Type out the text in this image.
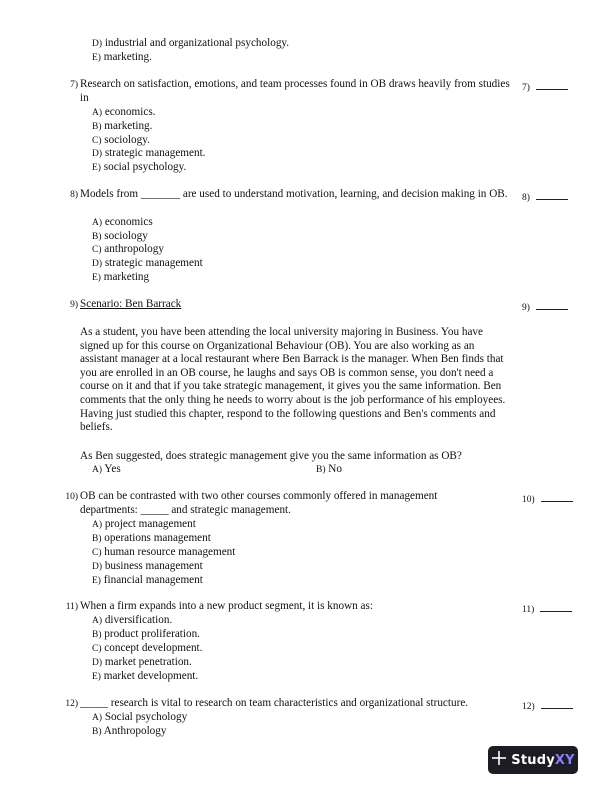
D) industrial and organizational psychology.
E) marketing.
7) Research on satisfaction, emotions, and team processes found in OB draws heavily from studies in
7)
A) economics.
B) marketing.
C) sociology.
D) strategic management.
E) social psychology.
8) Models from _______ are used to understand motivation, learning, and decision making in OB. 8)
A) economics
B) sociology
C) anthropology
D) strategic management
E) marketing
9) Scenario: Ben Barrack	9)
As a student, you have been attending the local university majoring in Business. You have signed up for this course on Organizational Behaviour (OB). You are also working as an assistant manager at a local restaurant where Ben Barrack is the manager. When Ben finds that you are enrolled in an OB course, he laughs and says OB is common sense, you don't need a course on it and that if you take strategic management, it gives you the same information. Ben comments that the only thing he needs to worry about is the job performance of his employees. Having just studied this chapter, respond to the following questions and Ben's comments and beliefs.
As Ben suggested, does strategic management give you the same information as OB?
A) Yes	B) No
10) OB can be contrasted with two other courses commonly offered in management departments: _____ and strategic management.
10)
A) project management
B) operations management
C) human resource management
D) business management
E) financial management
11) When a firm expands into a new product segment, it is known as:	11)
A) diversification.
B) product proliferation.
C) concept development.
D) market penetration.
E) market development.
12) _____ research is vital to research on team characteristics and organizational structure.	12)
A) Social psychology
B) Anthropology
StudyXY
